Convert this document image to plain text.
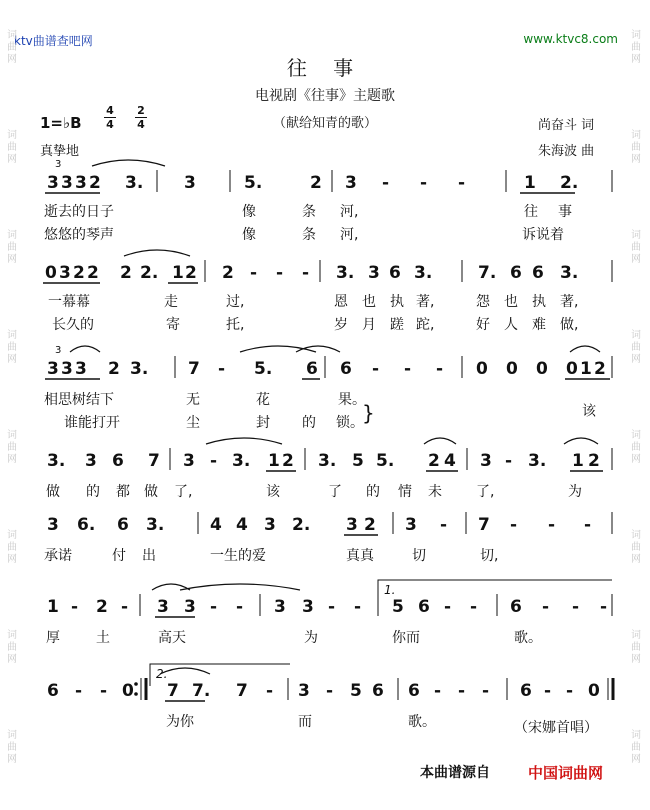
ktv曲谱查吧网	www.ktvc8.com
词曲网
词曲网
词曲网
词曲网
词曲网
词曲网
词曲网
词曲网
词曲网
词曲网
词曲网
词曲网
词曲网
词曲网
词曲网
词曲网
往 事
电视剧《往事》主题歌
（献给知青的歌）
1=♭B
4
4
2
4
真挚地
尚奋斗 词
朱海波 曲
3 3 3 2 3. 3	5.	2 3 - - -	1 2.
逝去的日子	像	条 河,	往 事
悠悠的琴声	像	条 河,	诉说着
0 3 2 2 2 2. 1 2 2 - - - 3. 3 6 3.	7. 6 6 3.
一幕幕	走	过,	恩 也 执 著,	怨 也 执 著,
长久的	寄	托,	岁 月 蹉 跎,	好 人 难 做,
3 3 3 2 3. 7 - 5. 6 6 - - - 0 0 0 0 1 2
相思树结下	无	花	果。
谁能打开	尘	封 的 锁。
该
3. 3 6 7 3 - 3. 1 2 3. 5 5. 2 4 3 - 3. 1 2
做 的 都 做 了,	该	了 的 情 未 了,	为
3 6. 6 3.	4 4 3 2. 3 2 3 - 7 - - -
承诺	付 出	一生的爱	真真	切	切,
1 - 2 - 3 3 - - 3 3 - - 5 6 - - 6 - - -
厚	土	高天	为	你而	歌。
6 - - 0 7 7. 7 - 3 - 5 6 6 - - - 6 - - 0
为你	而	歌。
3
3
1.
2.
}
（宋娜首唱）
本曲谱源自	中国词曲网
